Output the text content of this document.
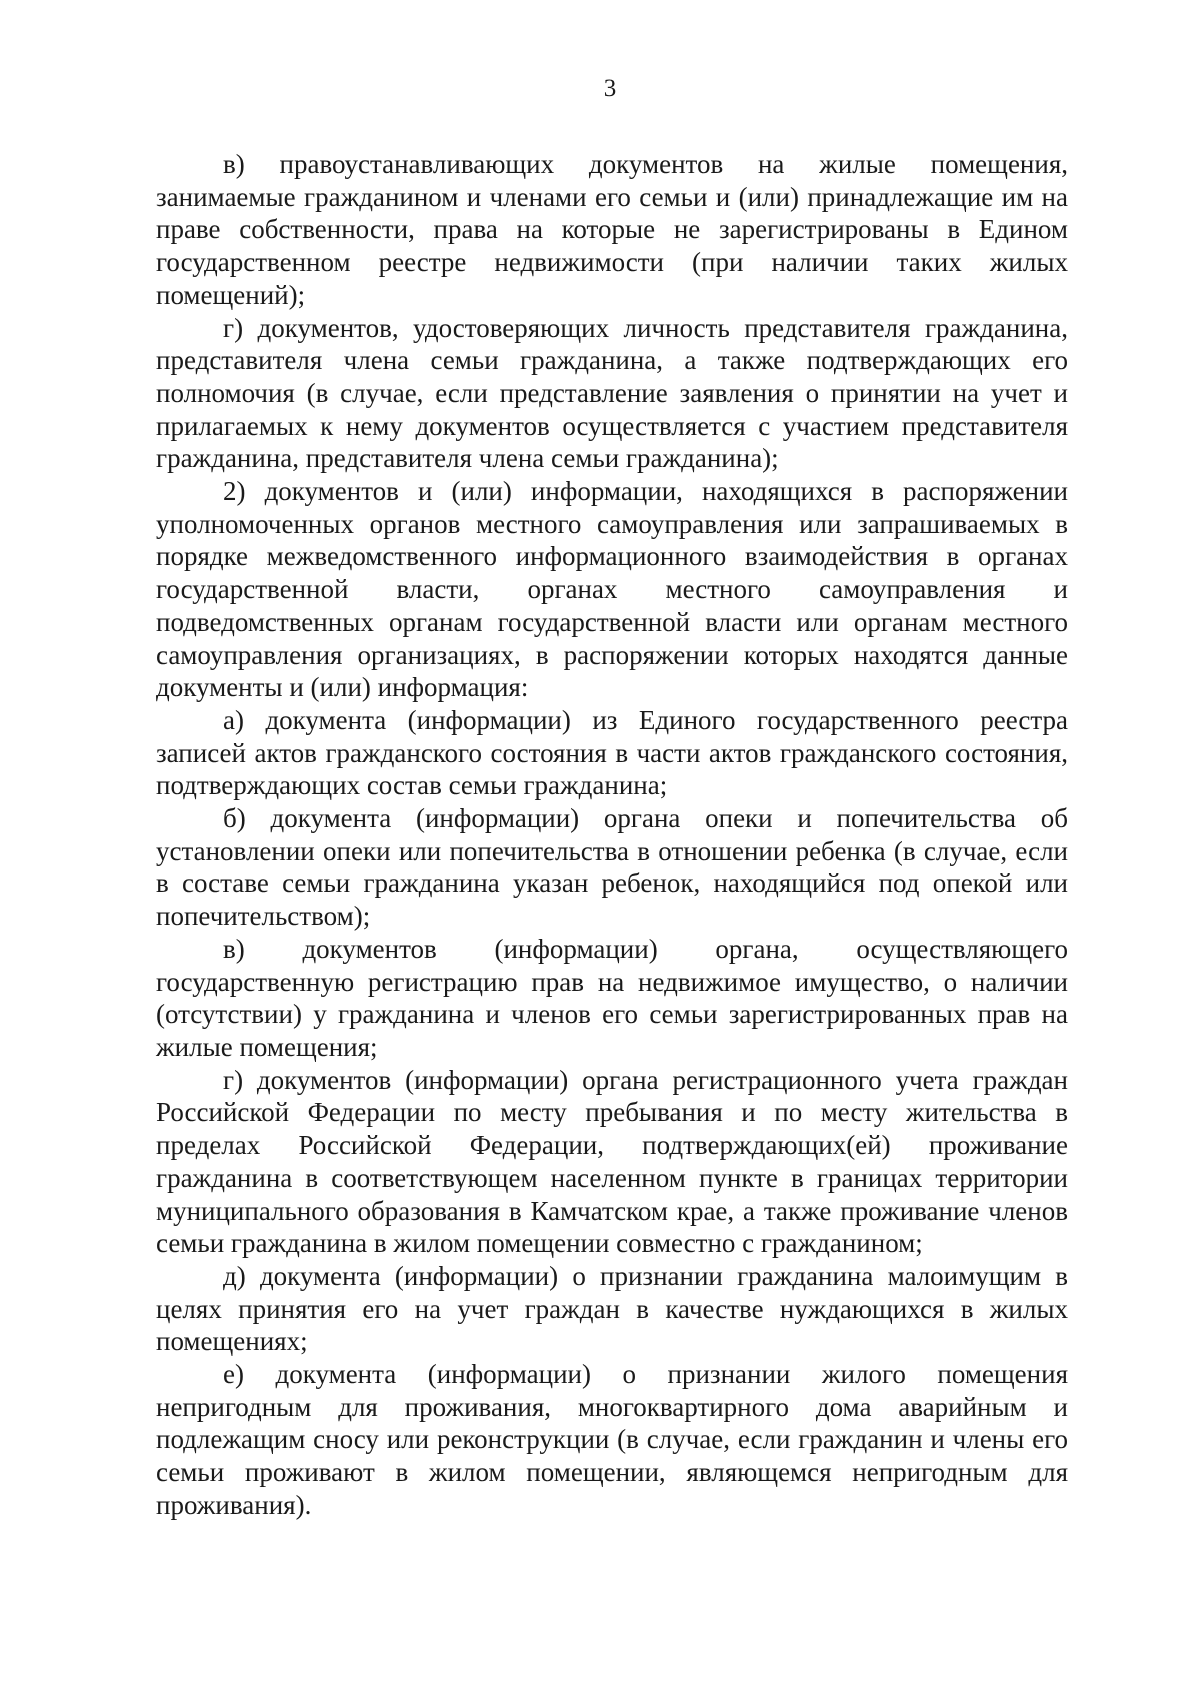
3

в) правоустанавливающих документов на жилые помещения, занимаемые гражданином и членами его семьи и (или) принадлежащие им на праве собственности, права на которые не зарегистрированы в Едином государственном реестре недвижимости (при наличии таких жилых помещений);

г) документов, удостоверяющих личность представителя гражданина, представителя члена семьи гражданина, а также подтверждающих его полномочия (в случае, если представление заявления о принятии на учет и прилагаемых к нему документов осуществляется с участием представителя гражданина, представителя члена семьи гражданина);

2) документов и (или) информации, находящихся в распоряжении уполномоченных органов местного самоуправления или запрашиваемых в порядке межведомственного информационного взаимодействия в органах государственной власти, органах местного самоуправления и подведомственных органам государственной власти или органам местного самоуправления организациях, в распоряжении которых находятся данные документы и (или) информация:

а) документа (информации) из Единого государственного реестра записей актов гражданского состояния в части актов гражданского состояния, подтверждающих состав семьи гражданина;

б) документа (информации) органа опеки и попечительства об установлении опеки или попечительства в отношении ребенка (в случае, если в составе семьи гражданина указан ребенок, находящийся под опекой или попечительством);

в) документов (информации) органа, осуществляющего государственную регистрацию прав на недвижимое имущество, о наличии (отсутствии) у гражданина и членов его семьи зарегистрированных прав на жилые помещения;

г) документов (информации) органа регистрационного учета граждан Российской Федерации по месту пребывания и по месту жительства в пределах Российской Федерации, подтверждающих(ей) проживание гражданина в соответствующем населенном пункте в границах территории муниципального образования в Камчатском крае, а также проживание членов семьи гражданина в жилом помещении совместно с гражданином;

д) документа (информации) о признании гражданина малоимущим в целях принятия его на учет граждан в качестве нуждающихся в жилых помещениях;

е) документа (информации) о признании жилого помещения непригодным для проживания, многоквартирного дома аварийным и подлежащим сносу или реконструкции (в случае, если гражданин и члены его семьи проживают в жилом помещении, являющемся непригодным для проживания).
